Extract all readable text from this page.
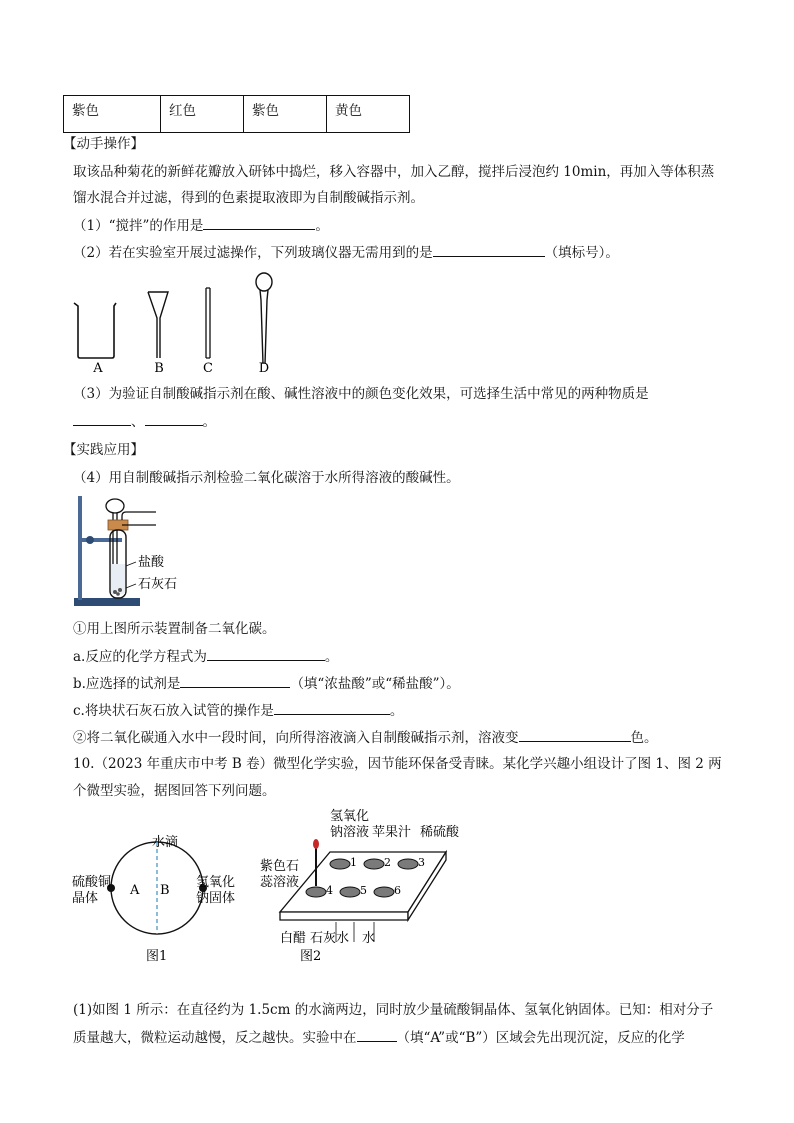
紫色	红色	紫色	黄色
【动手操作】
取该品种菊花的新鲜花瓣放入研钵中捣烂，移入容器中，加入乙醇，搅拌后浸泡约 10min，再加入等体积蒸
馏水混合并过滤，得到的色素提取液即为自制酸碱指示剂。
（1）“搅拌”的作用是	。
（2）若在实验室开展过滤操作，下列玻璃仪器无需用到的是	（填标号）。
A	B	C	D
（3）为验证自制酸碱指示剂在酸、碱性溶液中的颜色变化效果，可选择生活中常见的两种物质是
、	。
【实践应用】
（4）用自制酸碱指示剂检验二氧化碳溶于水所得溶液的酸碱性。
盐酸
石灰石
①用上图所示装置制备二氧化碳。
a.反应的化学方程式为	。
b.应选择的试剂是	（填“浓盐酸”或“稀盐酸”）。
c.将块状石灰石放入试管的操作是	。
②将二氧化碳通入水中一段时间，向所得溶液滴入自制酸碱指示剂，溶液变	色。
10.（2023 年重庆市中考 B 卷）微型化学实验，因节能环保备受青睐。某化学兴趣小组设计了图 1、图 2 两
个微型实验，据图回答下列问题。
水滴
硫酸铜
晶体
氢氧化
钠固体
A B
图1
1 2 3
4 5 6
氢氧化
钠溶液 苹果汁 稀硫酸
紫色石
蕊溶液
白醋 石灰水 水
图2
(1)如图 1 所示：在直径约为 1.5cm 的水滴两边，同时放少量硫酸铜晶体、氢氧化钠固体。已知：相对分子
质量越大，微粒运动越慢，反之越快。实验中在	（填“A”或“B”）区域会先出现沉淀，反应的化学
